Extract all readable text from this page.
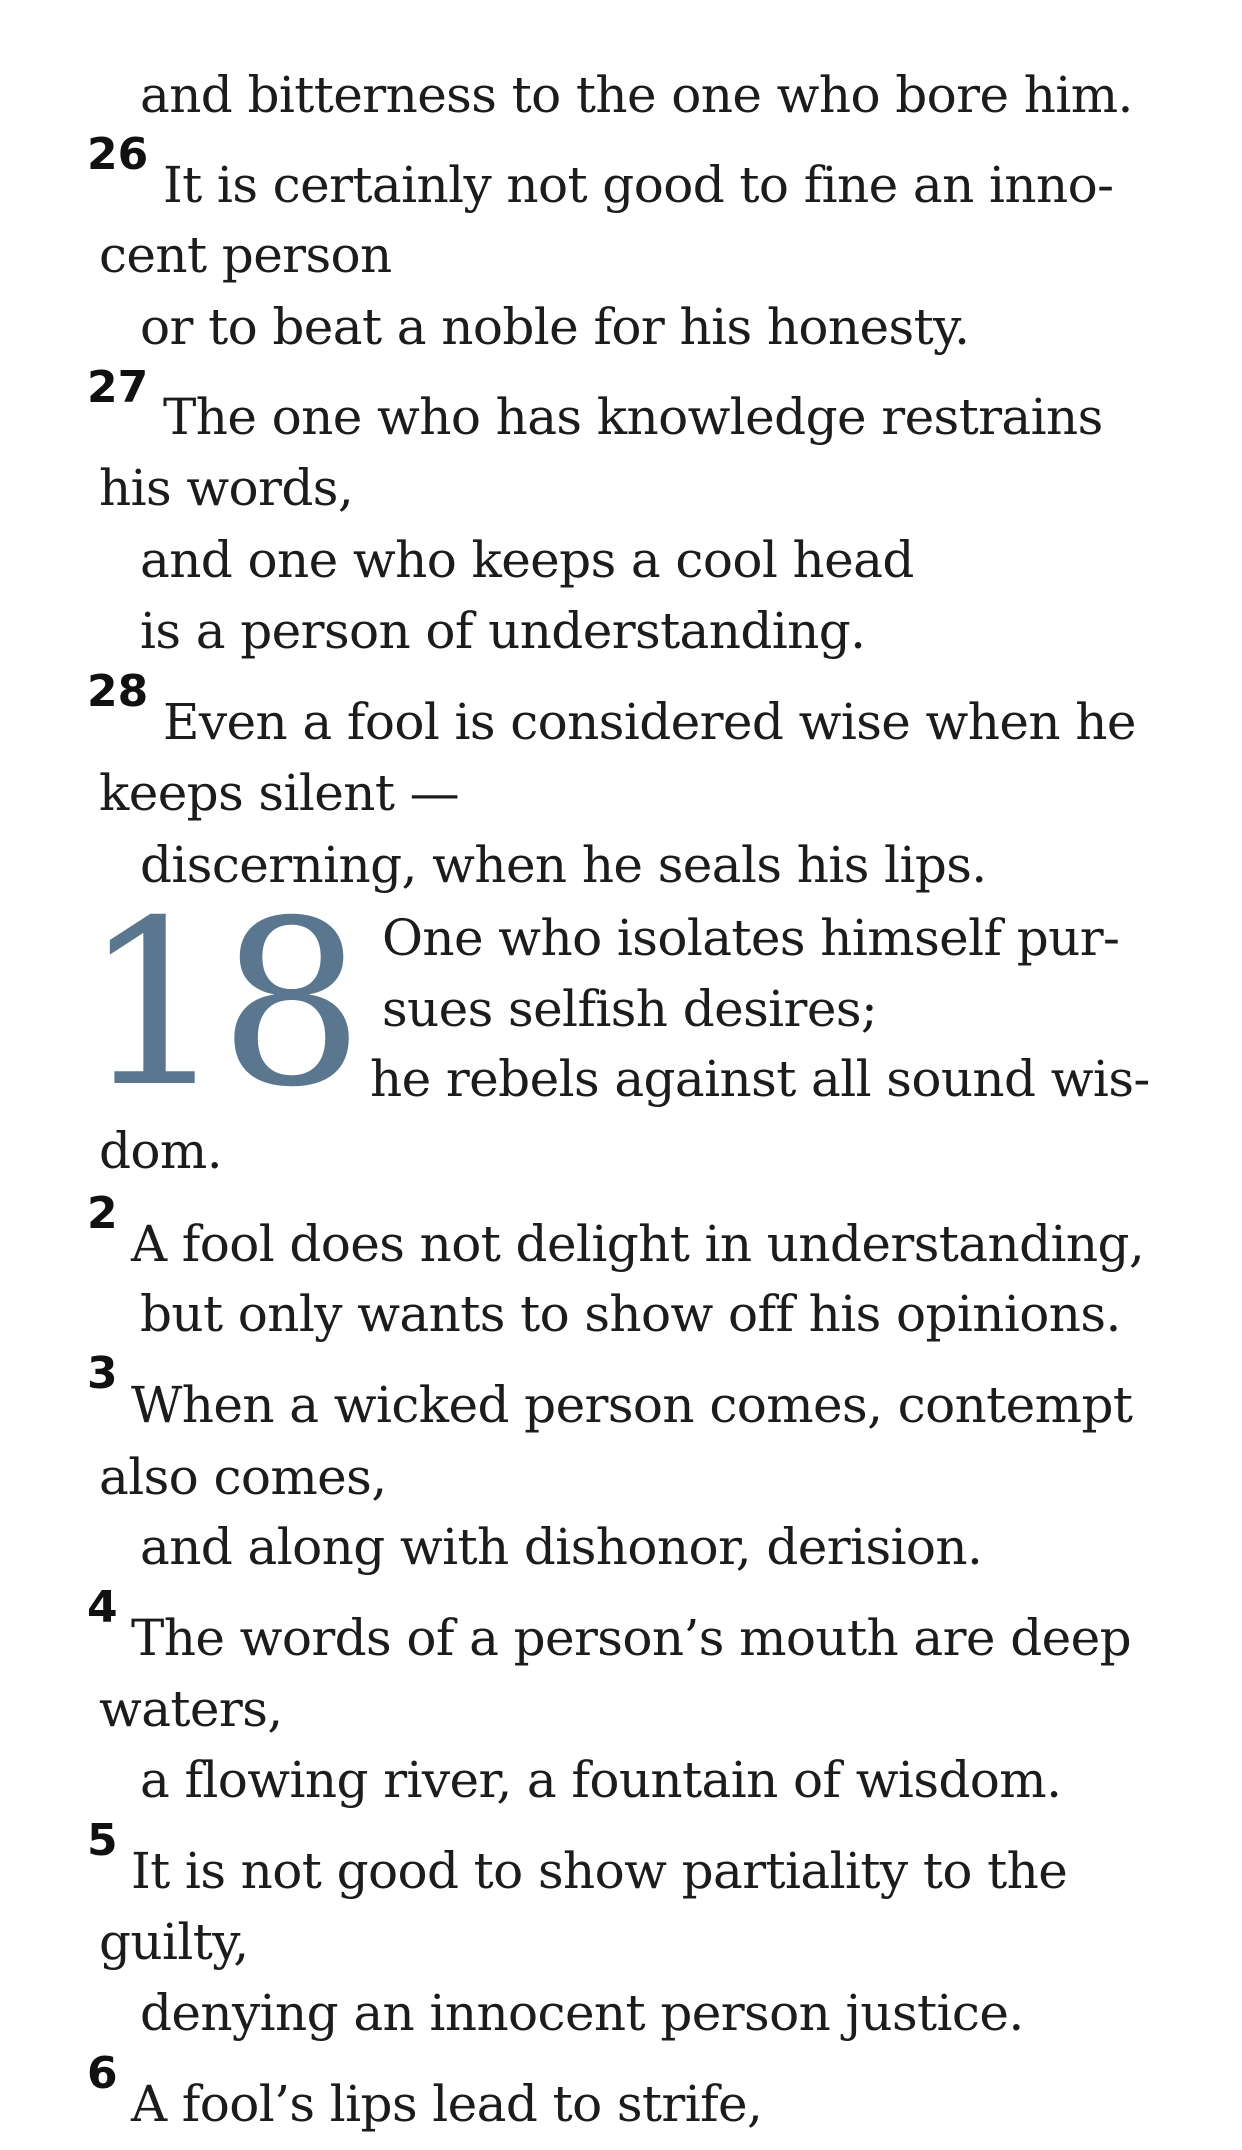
and bitterness to the one who bore him.
26
It is certainly not good to fine an inno-
cent person
or to beat a noble for his honesty.
27
The one who has knowledge restrains
his words,
and one who keeps a cool head
is a person of understanding.
28
Even a fool is considered wise when he
keeps silent —
discerning, when he seals his lips.
18 One who isolates himself pur-
sues selfish desires;
he rebels against all sound wis-
dom.
2
A fool does not delight in understanding,
but only wants to show off his opinions.
3
When a wicked person comes, contempt
also comes,
and along with dishonor, derision.
4
The words of a person’s mouth are deep
waters,
a flowing river, a fountain of wisdom.
5
It is not good to show partiality to the
guilty,
denying an innocent person justice.
6
A fool’s lips lead to strife,
